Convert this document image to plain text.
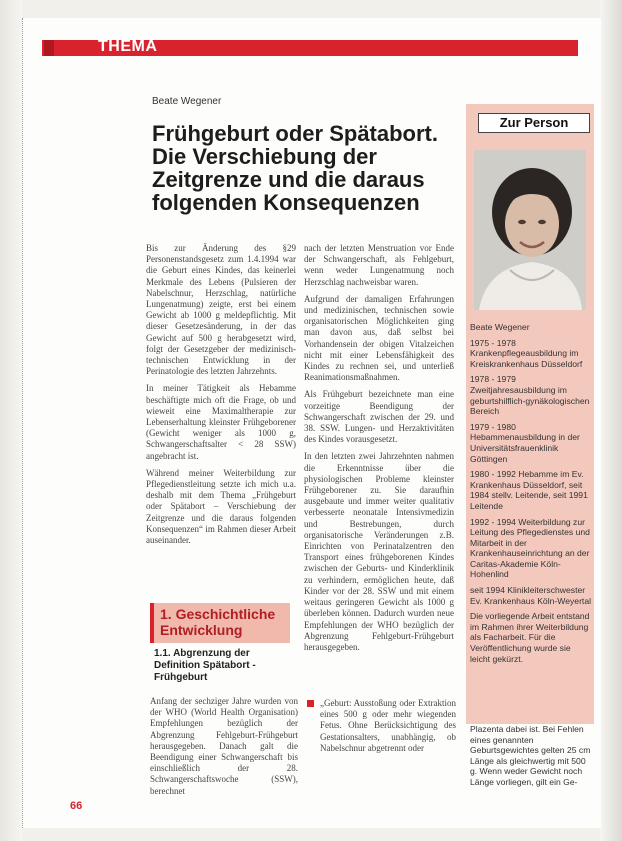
THEMA
Beate Wegener
Frühgeburt oder Spätabort. Die Verschiebung der Zeitgrenze und die daraus folgenden Konsequenzen

Bis zur Änderung des §29 Personenstandsgesetz zum 1.4.1994 war die Geburt eines Kindes, das keinerlei Merkmale des Lebens (Pulsieren der Nabelschnur, Herzschlag, natürliche Lungenatmung) zeigte, erst bei einem Gewicht ab 1000 g meldepflichtig. Mit dieser Gesetzesänderung, in der das Gewicht auf 500 g herabgesetzt wird, folgt der Gesetzgeber der medizinisch-technischen Entwicklung in der Perinatologie des letzten Jahrzehnts.

In meiner Tätigkeit als Hebamme beschäftigte mich oft die Frage, ob und wieweit eine Maximaltherapie zur Lebenserhaltung kleinster Frühgeborener (Gewicht weniger als 1000 g, Schwangerschaftsalter < 28 SSW) angebracht ist.

Während meiner Weiterbildung zur Pflegedienstleitung setzte ich mich u.a. deshalb mit dem Thema „Frühgeburt oder Spätabort – Verschiebung der Zeitgrenze und die daraus folgenden Konsequenzen“ im Rahmen dieser Arbeit auseinander.

nach der letzten Menstruation vor Ende der Schwangerschaft, als Fehlgeburt, wenn weder Lungenatmung noch Herzschlag nachweisbar waren.

Aufgrund der damaligen Erfahrungen und medizinischen, technischen sowie organisatorischen Möglichkeiten ging man davon aus, daß selbst bei Vorhandensein der obigen Vitalzeichen nicht mit einer Lebensfähigkeit des Kindes zu rechnen sei, und unterließ Reanimationsmaßnahmen.

Als Frühgeburt bezeichnete man eine vorzeitige Beendigung der Schwangerschaft zwischen der 29. und 38. SSW. Lungen- und Herzaktivitäten des Kindes vorausgesetzt.

In den letzten zwei Jahrzehnten nahmen die Erkenntnisse über die physiologischen Probleme kleinster Frühgeborener zu. Sie daraufhin ausgebaute und immer weiter qualitativ verbesserte neonatale Intensivmedizin und Bestrebungen, durch organisatorische Veränderungen z.B. Einrichten von Perinatalzentren den Transport eines frühgeborenen Kindes zwischen der Geburts- und Kinderklinik zu verhindern, ermöglichen heute, daß Kinder vor der 28. SSW und mit einem weitaus geringeren Gewicht als 1000 g überleben können. Dadurch wurden neue Empfehlungen der WHO bezüglich der Abgrenzung Fehlgeburt-Frühgeburt herausgegeben.

1. Geschichtliche Entwicklung
1.1. Abgrenzung der Definition Spätabort - Frühgeburt

Anfang der sechziger Jahre wurden von der WHO (World Health Organisation) Empfehlungen bezüglich der Abgrenzung Fehlgeburt-Frühgeburt herausgegeben. Danach galt die Beendigung einer Schwangerschaft bis einschließlich der 28. Schwangerschaftswoche (SSW), berechnet

„Geburt: Ausstoßung oder Extraktion eines 500 g oder mehr wiegenden Fetus. Ohne Berücksichtigung des Gestationsalters, unabhängig, ob Nabelschnur abgetrennt oder

Zur Person
Beate Wegener
1975 - 1978 Krankenpflegeausbildung im Kreiskrankenhaus Düsseldorf
1978 - 1979 Zweitjahresausbildung im geburtshilflich-gynäkologischen Bereich
1979 - 1980 Hebammenausbildung in der Universitätsfrauenklinik Göttingen
1980 - 1992 Hebamme im Ev. Krankenhaus Düsseldorf, seit 1984 stellv. Leitende, seit 1991 Leitende
1992 - 1994 Weiterbildung zur Leitung des Pflegedienstes und Mitarbeit in der Krankenhauseinrichtung an der Caritas-Akademie Köln-Hohenlind
seit 1994 Klinikleiterschwester Ev. Krankenhaus Köln-Weyertal
Die vorliegende Arbeit entstand im Rahmen ihrer Weiterbildung als Facharbeit. Für die Veröffentlichung wurde sie leicht gekürzt.
Plazenta dabei ist. Bei Fehlen eines genannten Geburtsgewichtes gelten 25 cm Länge als gleichwertig mit 500 g. Wenn weder Gewicht noch Länge vorliegen, gilt ein Ge-
66
